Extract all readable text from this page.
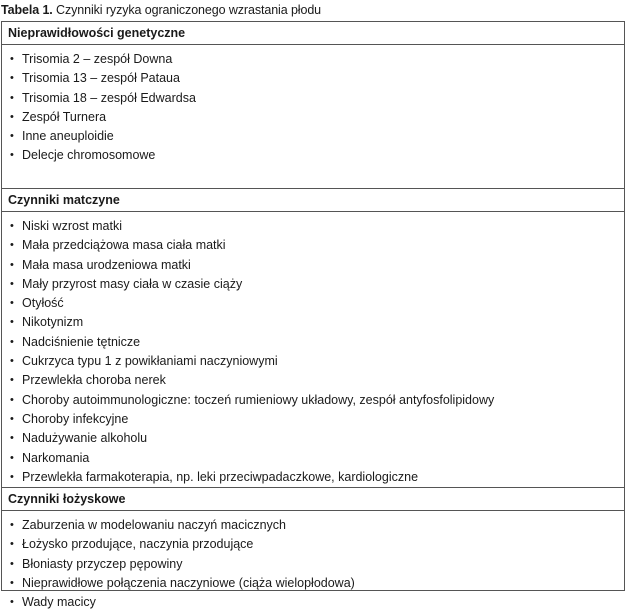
Tabela 1. Czynniki ryzyka ograniczonego wzrastania płodu
Nieprawidłowości genetyczne
• Trisomia 2 – zespół Downa
• Trisomia 13 – zespół Pataua
• Trisomia 18 – zespół Edwardsa
• Zespół Turnera
• Inne aneuploidie
• Delecje chromosomowe
Czynniki matczyne
• Niski wzrost matki
• Mała przedciążowa masa ciała matki
• Mała masa urodzeniowa matki
• Mały przyrost masy ciała w czasie ciąży
• Otyłość
• Nikotynizm
• Nadciśnienie tętnicze
• Cukrzyca typu 1 z powikłaniami naczyniowymi
• Przewlekła choroba nerek
• Choroby autoimmunologiczne: toczeń rumieniowy układowy, zespół antyfosfolipidowy
• Choroby infekcyjne
• Nadużywanie alkoholu
• Narkomania
• Przewlekła farmakoterapia, np. leki przeciwpadaczkowe, kardiologiczne
Czynniki łożyskowe
• Zaburzenia w modelowaniu naczyń macicznych
• Łożysko przodujące, naczynia przodujące
• Błoniasty przyczep pępowiny
• Nieprawidłowe połączenia naczyniowe (ciąża wielopłodowa)
• Wady macicy
